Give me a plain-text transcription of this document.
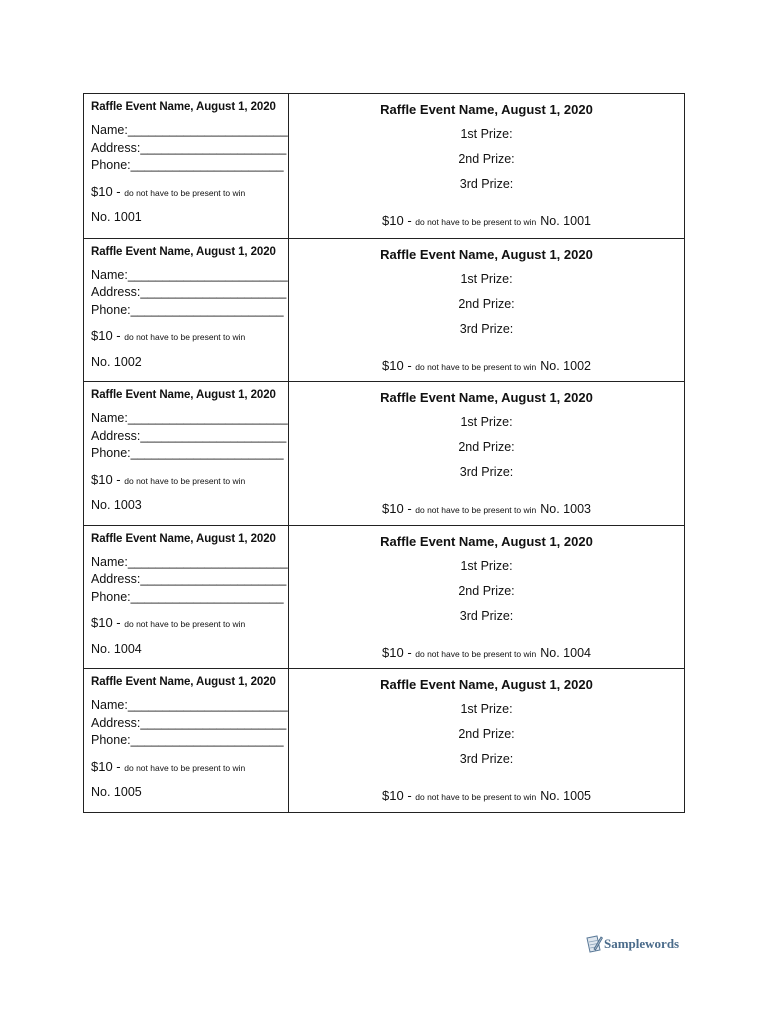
Raffle Event Name, August 1, 2020
Name:_______________________
Address:_____________________
Phone:______________________
$10 - do not have to be present to win
No. 1001
Raffle Event Name, August 1, 2020
1st Prize:
2nd Prize:
3rd Prize:
$10 - do not have to be present to win No. 1001
Raffle Event Name, August 1, 2020
Name:_______________________
Address:_____________________
Phone:______________________
$10 - do not have to be present to win
No. 1002
Raffle Event Name, August 1, 2020
1st Prize:
2nd Prize:
3rd Prize:
$10 - do not have to be present to win No. 1002
Raffle Event Name, August 1, 2020
Name:_______________________
Address:_____________________
Phone:______________________
$10 - do not have to be present to win
No. 1003
Raffle Event Name, August 1, 2020
1st Prize:
2nd Prize:
3rd Prize:
$10 - do not have to be present to win No. 1003
Raffle Event Name, August 1, 2020
Name:_______________________
Address:_____________________
Phone:______________________
$10 - do not have to be present to win
No. 1004
Raffle Event Name, August 1, 2020
1st Prize:
2nd Prize:
3rd Prize:
$10 - do not have to be present to win No. 1004
Raffle Event Name, August 1, 2020
Name:_______________________
Address:_____________________
Phone:______________________
$10 - do not have to be present to win
No. 1005
Raffle Event Name, August 1, 2020
1st Prize:
2nd Prize:
3rd Prize:
$10 - do not have to be present to win No. 1005
Samplewords
